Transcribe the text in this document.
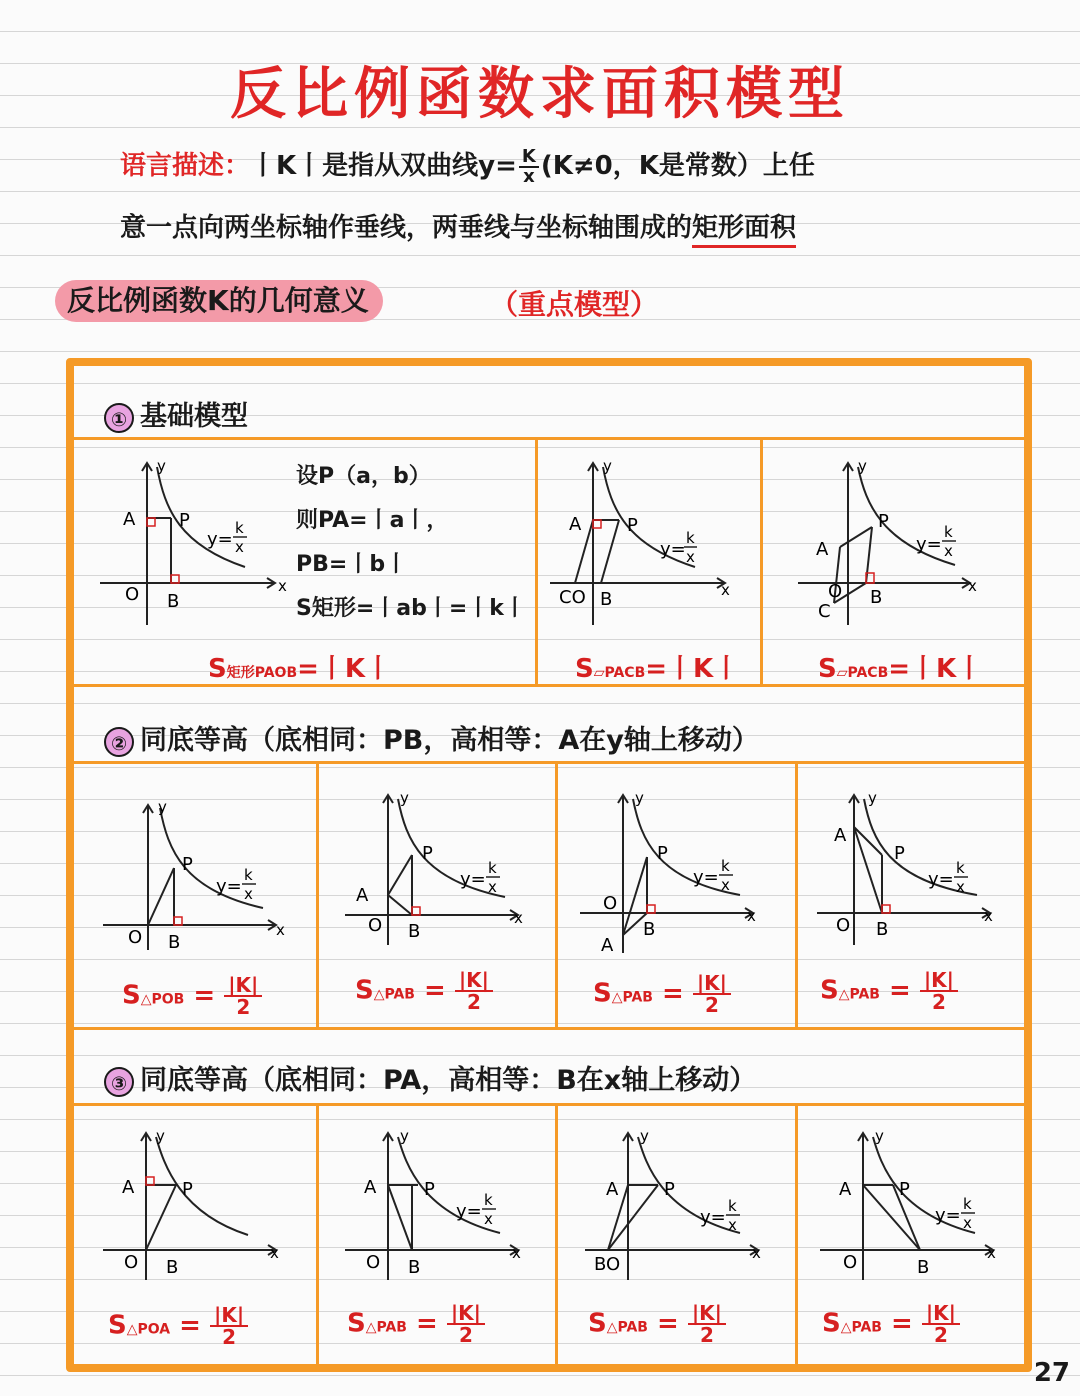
反比例函数求面积模型
语言描述：丨K丨是指从双曲线$y= \frac{K}{x} (K\ne 0$，K是常数）上任
意一点向两坐标轴作垂线，两垂线与坐标轴围成的矩形面积
反比例函数K的几何意义	（重点模型）
① 基础模型
② 同底等高（底相同：PB，高相等：A在y轴上移动）
③ 同底等高（底相同：PA，高相等：B在x轴上移动）
设P（a，b）
则PA=丨a丨，
PB=丨b丨
S矩形=丨ab丨=丨k丨
x
y
O
A
B
P
y=
k
x
x
y
CO
A
B
P
y=
k
x
x
y
O
A
B
C
P
y=
k
x
S矩形PAOB=丨K丨	S▱PACB=丨K丨	S▱PACB=丨K丨
x
y
O B
P
y=
k
x
x
y
O
A
B
P
y=
k
x
x
y
O
A
B
P
y=
k
x
x
y
O
A
B
P
y=
k
x
S△POB = $\frac{|K|}{2}$	S△PAB = $\frac{|K|}{2}$	S△PAB = $\frac{|K|}{2}$	S△PAB = $\frac{|K|}{2}$
x
y
O
A
B
P
x
y
O
A
B
P
y=
k
x
x
y
BO
A	P
y=
k
x
x
y
O
A
B
P
y=
k
x
S△POA = $\frac{|K|}{2}$	S△PAB = $\frac{|K|}{2}$	S△PAB = $\frac{|K|}{2}$	S△PAB = $\frac{|K|}{2}$
27
